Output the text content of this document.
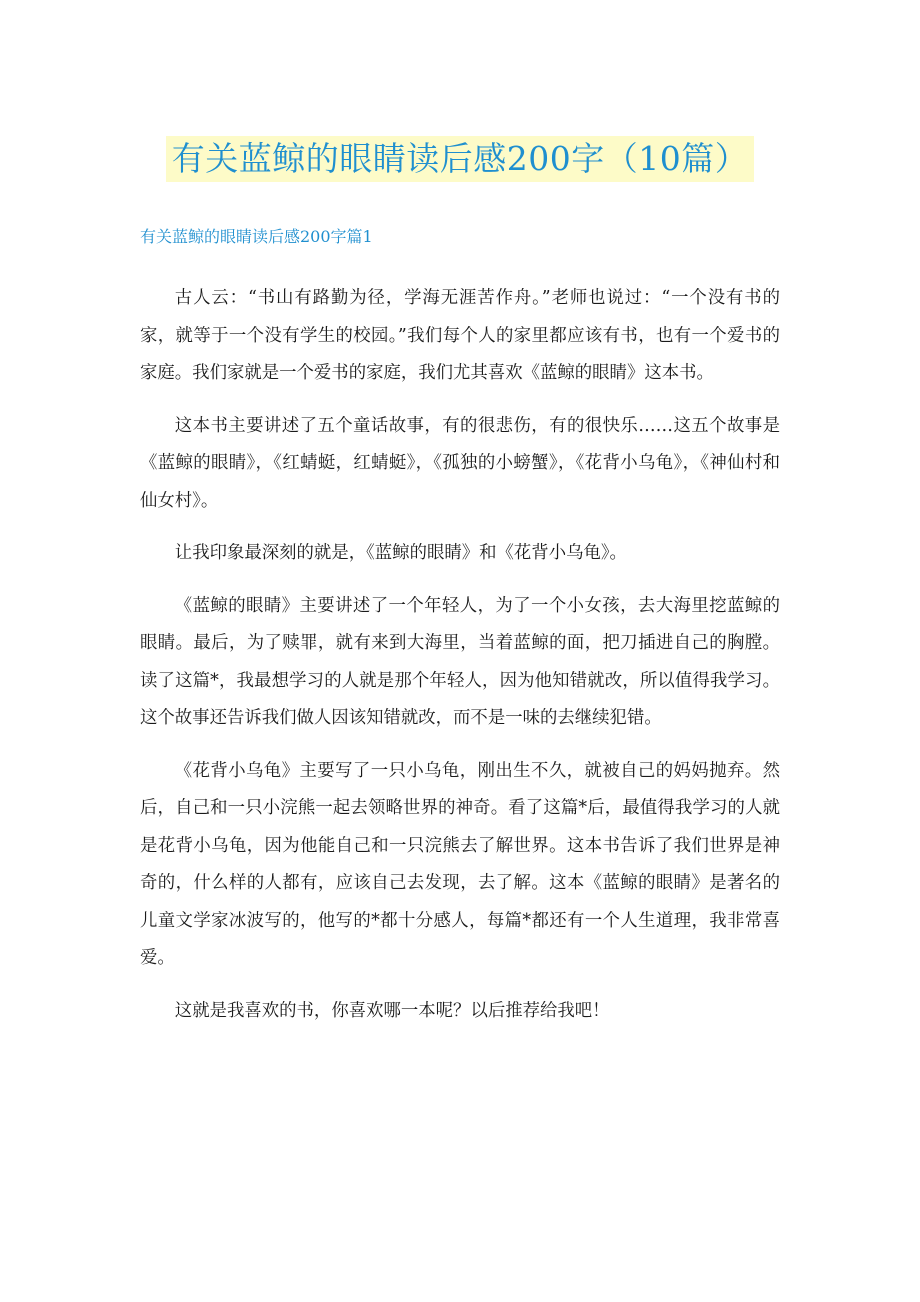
有关蓝鲸的眼睛读后感200字（10篇）
有关蓝鲸的眼睛读后感200字篇1

古人云：“书山有路勤为径，学海无涯苦作舟。”老师也说过：“一个没有书的家，就等于一个没有学生的校园。”我们每个人的家里都应该有书，也有一个爱书的家庭。我们家就是一个爱书的家庭，我们尤其喜欢《蓝鲸的眼睛》这本书。

这本书主要讲述了五个童话故事，有的很悲伤，有的很快乐……这五个故事是《蓝鲸的眼睛》，《红蜻蜓，红蜻蜓》，《孤独的小螃蟹》，《花背小乌龟》，《神仙村和仙女村》。

让我印象最深刻的就是，《蓝鲸的眼睛》和《花背小乌龟》。

《蓝鲸的眼睛》主要讲述了一个年轻人，为了一个小女孩，去大海里挖蓝鲸的眼睛。最后，为了赎罪，就有来到大海里，当着蓝鲸的面，把刀插进自己的胸膛。读了这篇*，我最想学习的人就是那个年轻人，因为他知错就改，所以值得我学习。这个故事还告诉我们做人因该知错就改，而不是一味的去继续犯错。

《花背小乌龟》主要写了一只小乌龟，刚出生不久，就被自己的妈妈抛弃。然后，自己和一只小浣熊一起去领略世界的神奇。看了这篇*后，最值得我学习的人就是花背小乌龟，因为他能自己和一只浣熊去了解世界。这本书告诉了我们世界是神奇的，什么样的人都有，应该自己去发现，去了解。这本《蓝鲸的眼睛》是著名的儿童文学家冰波写的，他写的*都十分感人，每篇*都还有一个人生道理，我非常喜爱。

这就是我喜欢的书，你喜欢哪一本呢？以后推荐给我吧！
